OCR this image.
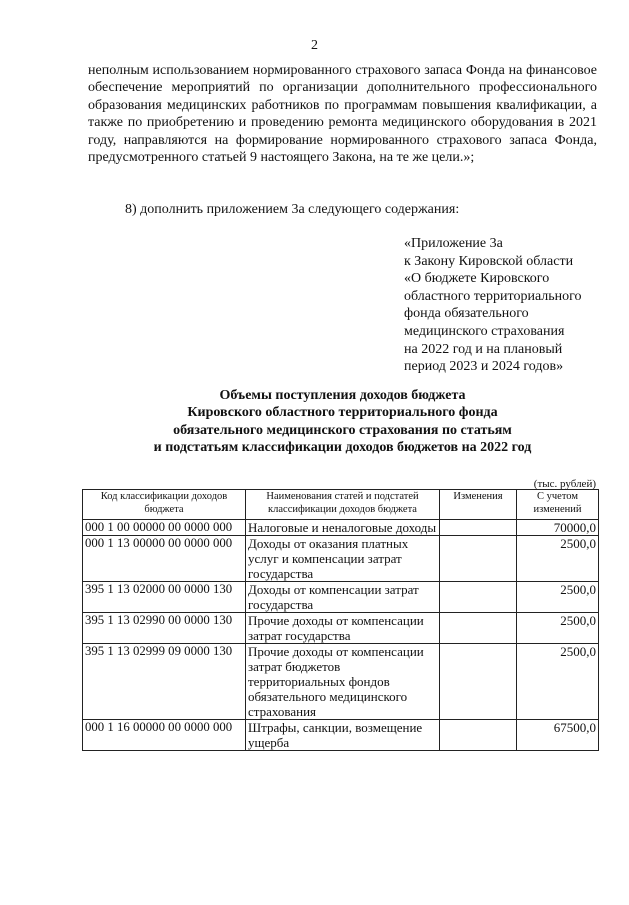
2

неполным использованием нормированного страхового запаса Фонда на финансовое обеспечение мероприятий по организации дополнительного профессионального образования медицинских работников по программам повышения квалификации, а также по приобретению и проведению ремонта медицинского оборудования в 2021 году, направляются на формирование нормированного страхового запаса Фонда, предусмотренного статьей 9 настоящего Закона, на те же цели.»;

8) дополнить приложением 3а следующего содержания:

«Приложение 3а
к Закону Кировской области
«О бюджете Кировского
областного территориального
фонда обязательного
медицинского страхования
на 2022 год и на плановый
период 2023 и 2024 годов»
Объемы поступления доходов бюджета
Кировского областного территориального фонда
обязательного медицинского страхования по статьям
и подстатьям классификации доходов бюджетов на 2022 год
(тыс. рублей)
Код классификации доходов бюджета	Наименования статей и подстатей классификации доходов бюджета	Изменения	С учетом изменений
000 1 00 00000 00 0000 000	Налоговые и неналоговые доходы		70000,0
000 1 13 00000 00 0000 000	Доходы от оказания платных услуг и компенсации затрат государства		2500,0
395 1 13 02000 00 0000 130	Доходы от компенсации затрат государства		2500,0
395 1 13 02990 00 0000 130	Прочие доходы от компенсации затрат государства		2500,0
395 1 13 02999 09 0000 130	Прочие доходы от компенсации затрат бюджетов территориальных фондов обязательного медицинского страхования		2500,0
000 1 16 00000 00 0000 000	Штрафы, санкции, возмещение ущерба		67500,0
